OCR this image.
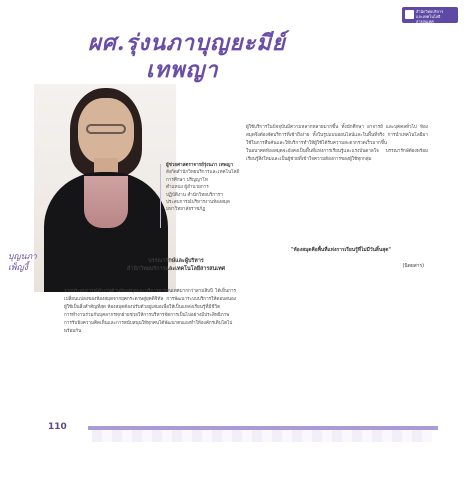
สำนักวิทยบริการ
และเทคโนโลยีสารสนเทศ
ผศ.รุ่งนภาบุญยะมีย์
เทพญา
บุญนภา
เพ็ญงี้
ผู้ช่วยศาสตราจารย์รุ่งนภา เทพญา
สังกัดสำนักวิทยบริการและเทคโนโลยี
การศึกษา ปริญญาโท
ตำแหน่ง ผู้อำนวยการ
ปฏิบัติงาน สำนักวิทยบริการฯ
ประสบการณ์บริหารงานห้องสมุด
มหาวิทยาลัยราชภัฏ
บรรณารักษ์และผู้บริหาร
สำนักวิทยบริการและเทคโนโลยีสารสนเทศ

จากประสบการณ์ทำงานด้านห้องสมุดและบริการสารสนเทศมากกว่าสามสิบปี ได้เห็นการเปลี่ยนแปลงของห้องสมุดจากยุคกระดาษสู่ยุคดิจิทัล การพัฒนาระบบบริการให้ตอบสนองผู้ใช้เป็นสิ่งสำคัญที่สุด ห้องสมุดต้องปรับตัวอยู่เสมอเพื่อให้เป็นแหล่งเรียนรู้ที่มีชีวิต

การทำงานร่วมกับบุคลากรทุกฝ่ายช่วยให้การบริหารจัดการเป็นไปอย่างมีประสิทธิภาพ การรับฟังความคิดเห็นและการสนับสนุนให้ทุกคนได้พัฒนาตนเองทำให้องค์กรเติบโตไปพร้อมกัน

ผู้ใช้บริการในปัจจุบันมีความหลากหลายมากขึ้น ทั้งนักศึกษา อาจารย์ และบุคคลทั่วไป ห้องสมุดจึงต้องจัดบริการที่เข้าถึงง่าย ทั้งในรูปแบบออนไลน์และในพื้นที่จริง การนำเทคโนโลยีมาใช้ในการสืบค้นและให้บริการทำให้ผู้ใช้ได้รับความสะดวกรวดเร็วมากขึ้น

ในอนาคตห้องสมุดจะยังคงเป็นพื้นที่แห่งการเรียนรู้และแรงบันดาลใจ บรรณารักษ์ต้องพร้อมเรียนรู้สิ่งใหม่และเป็นผู้ช่วยที่เข้าใจความต้องการของผู้ใช้ทุกกลุ่ม

"ห้องสมุดคือพื้นที่แห่งการเรียนรู้ที่ไม่มีวันสิ้นสุด"
(นิตยสาร)
110
